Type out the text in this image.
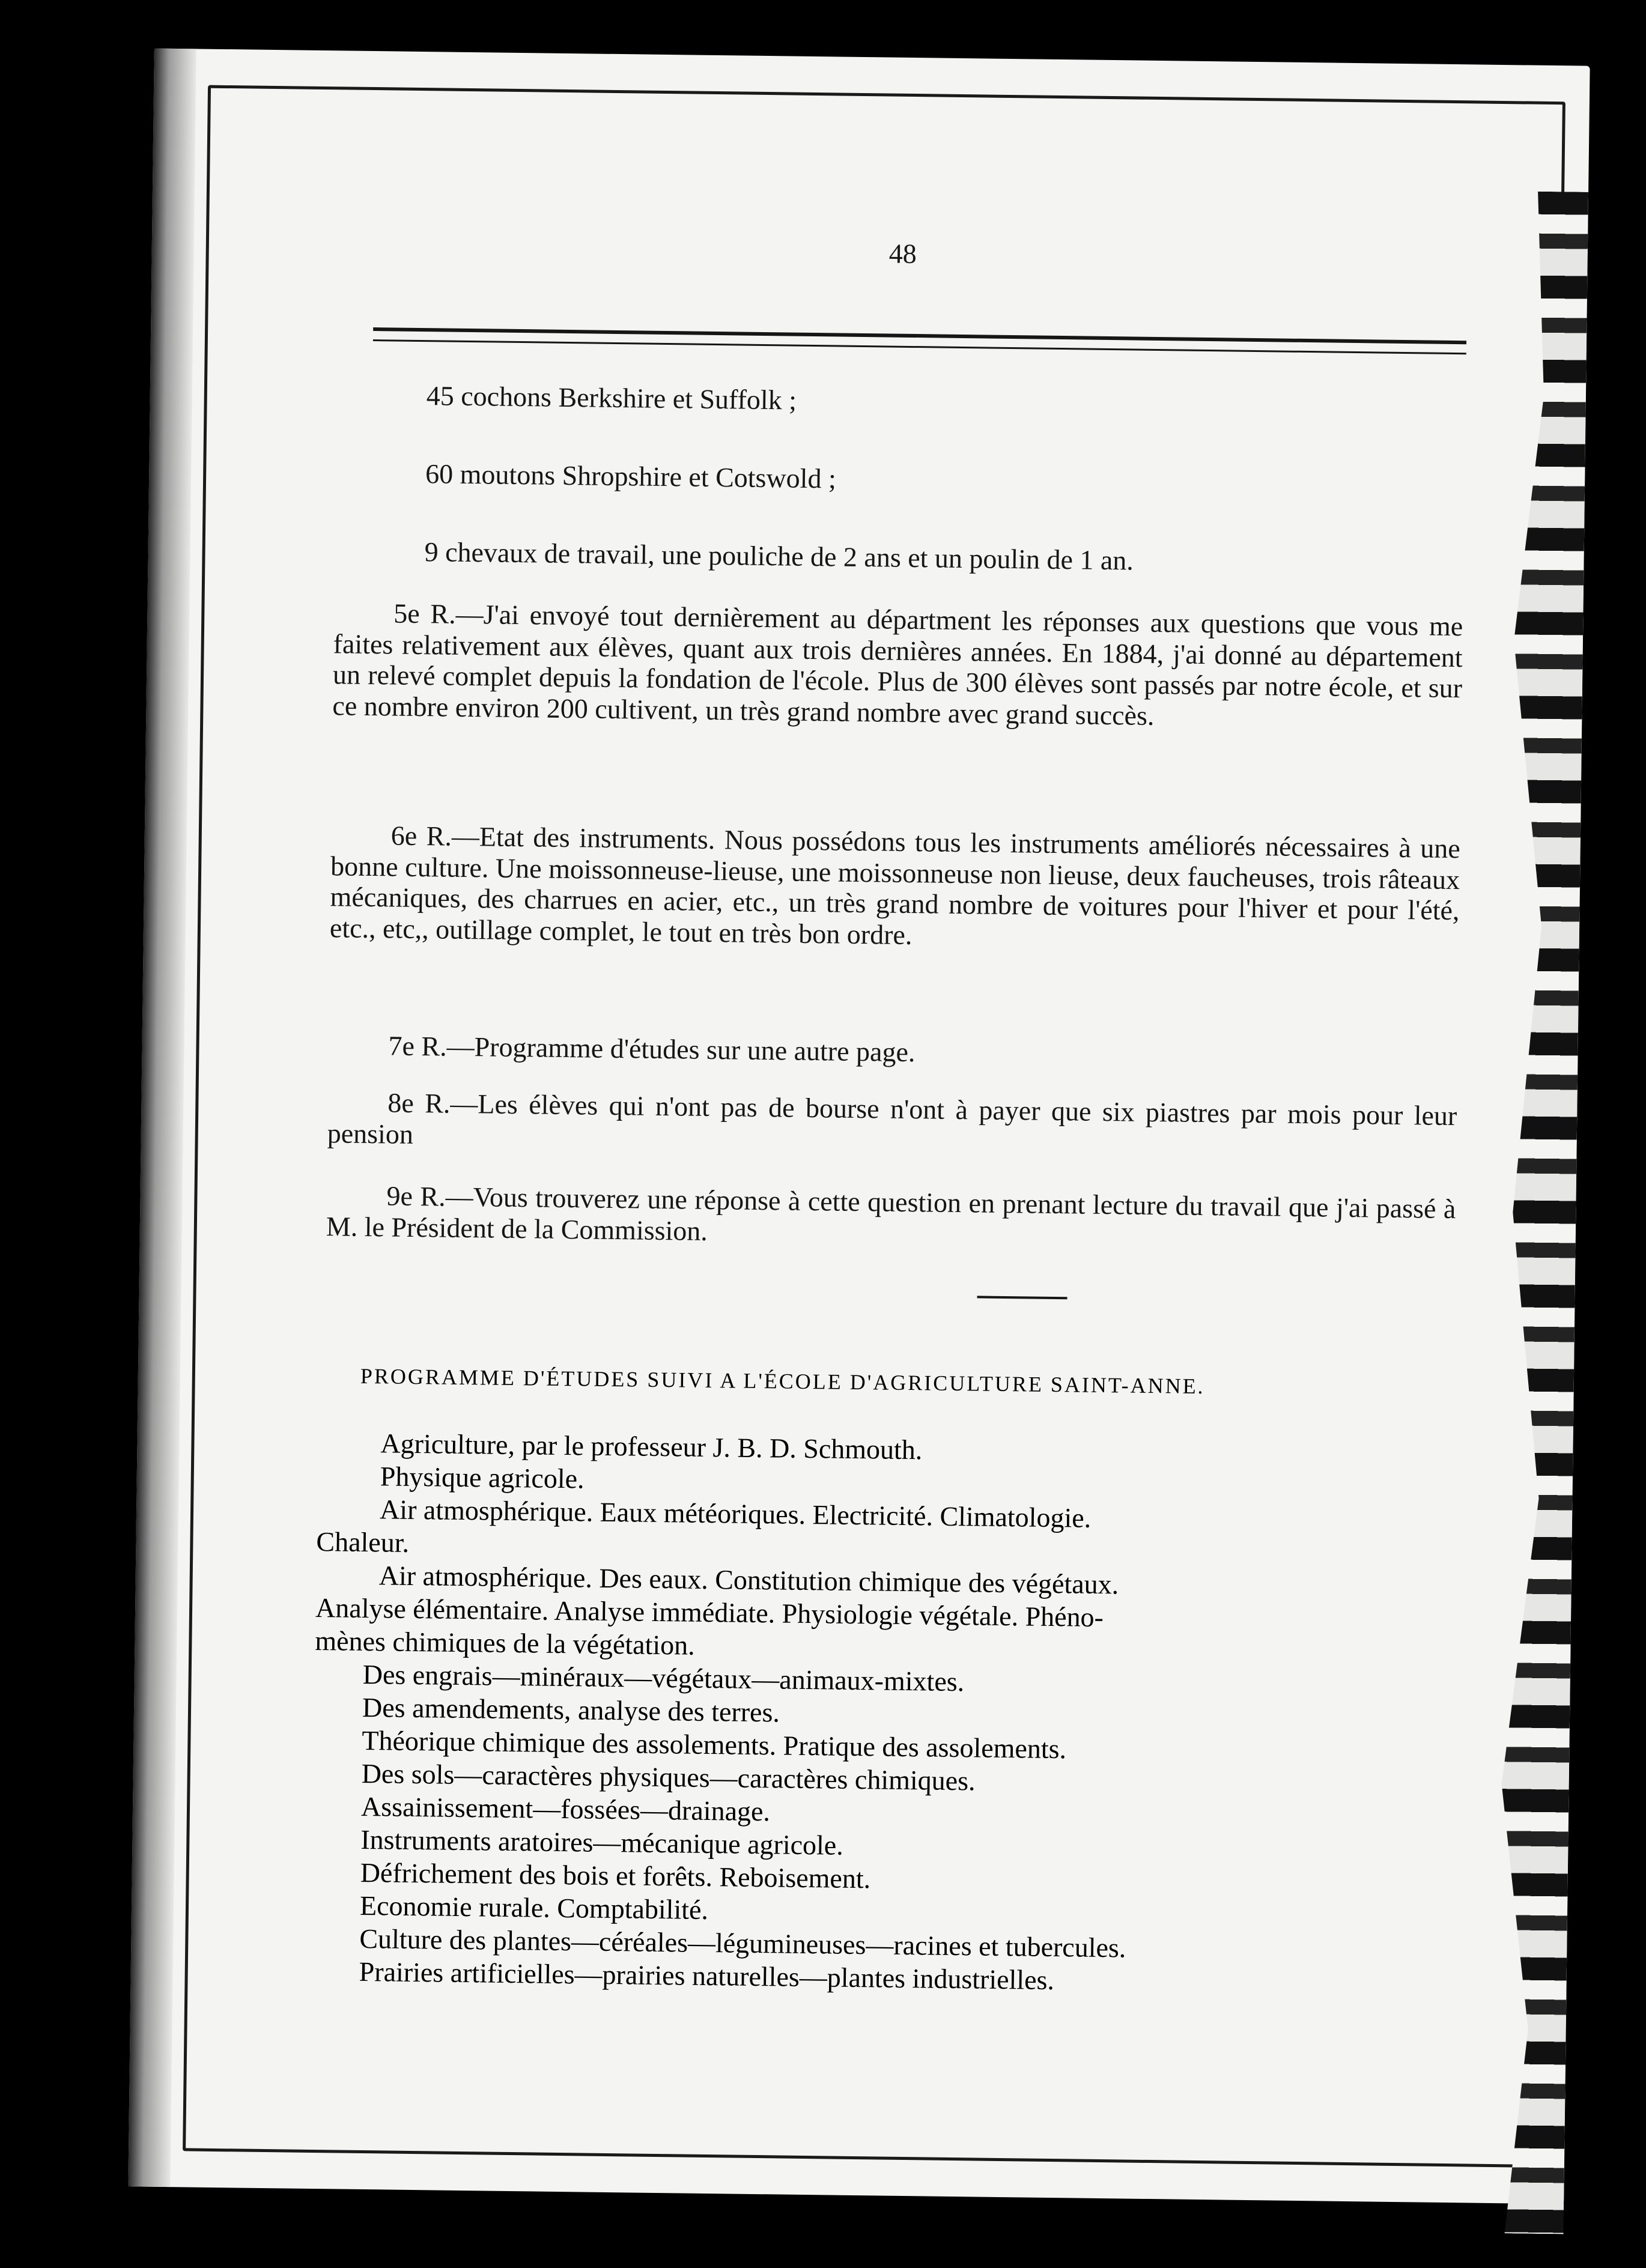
48
45 cochons Berkshire et Suffolk ;
60 moutons Shropshire et Cotswold ;
9 chevaux de travail, une pouliche de 2 ans et un poulin de 1 an.
5e R.—J'ai envoyé tout dernièrement au départment les réponses aux questions que vous me faites relativement aux élèves, quant aux trois dernières années. En 1884, j'ai donné au département un relevé complet depuis la fondation de l'école. Plus de 300 élèves sont passés par notre école, et sur ce nombre environ 200 cultivent, un très grand nombre avec grand succès.
6e R.—Etat des instruments. Nous possédons tous les instruments améliorés nécessaires à une bonne culture. Une moissonneuse-lieuse, une moissonneuse non lieuse, deux faucheuses, trois râteaux mécaniques, des charrues en acier, etc., un très grand nombre de voitures pour l'hiver et pour l'été, etc., etc,, outillage complet, le tout en très bon ordre.
7e R.—Programme d'études sur une autre page.
8e R.—Les élèves qui n'ont pas de bourse n'ont à payer que six piastres par mois pour leur pension
9e R.—Vous trouverez une réponse à cette question en prenant lecture du travail que j'ai passé à M. le Président de la Commission.
PROGRAMME D'ÉTUDES SUIVI A L'ÉCOLE D'AGRICULTURE SAINT-ANNE.
Agriculture, par le professeur J. B. D. Schmouth.
Physique agricole.
Air atmosphérique. Eaux météoriques. Electricité. Climatologie.
Chaleur.
Air atmosphérique. Des eaux. Constitution chimique des végétaux.
Analyse élémentaire. Analyse immédiate. Physiologie végétale. Phéno-
mènes chimiques de la végétation.
Des engrais—minéraux—végétaux—animaux-mixtes.
Des amendements, analyse des terres.
Théorique chimique des assolements. Pratique des assolements.
Des sols—caractères physiques—caractères chimiques.
Assainissement—fossées—drainage.
Instruments aratoires—mécanique agricole.
Défrichement des bois et forêts. Reboisement.
Economie rurale. Comptabilité.
Culture des plantes—céréales—légumineuses—racines et tubercules.
Prairies artificielles—prairies naturelles—plantes industrielles.
